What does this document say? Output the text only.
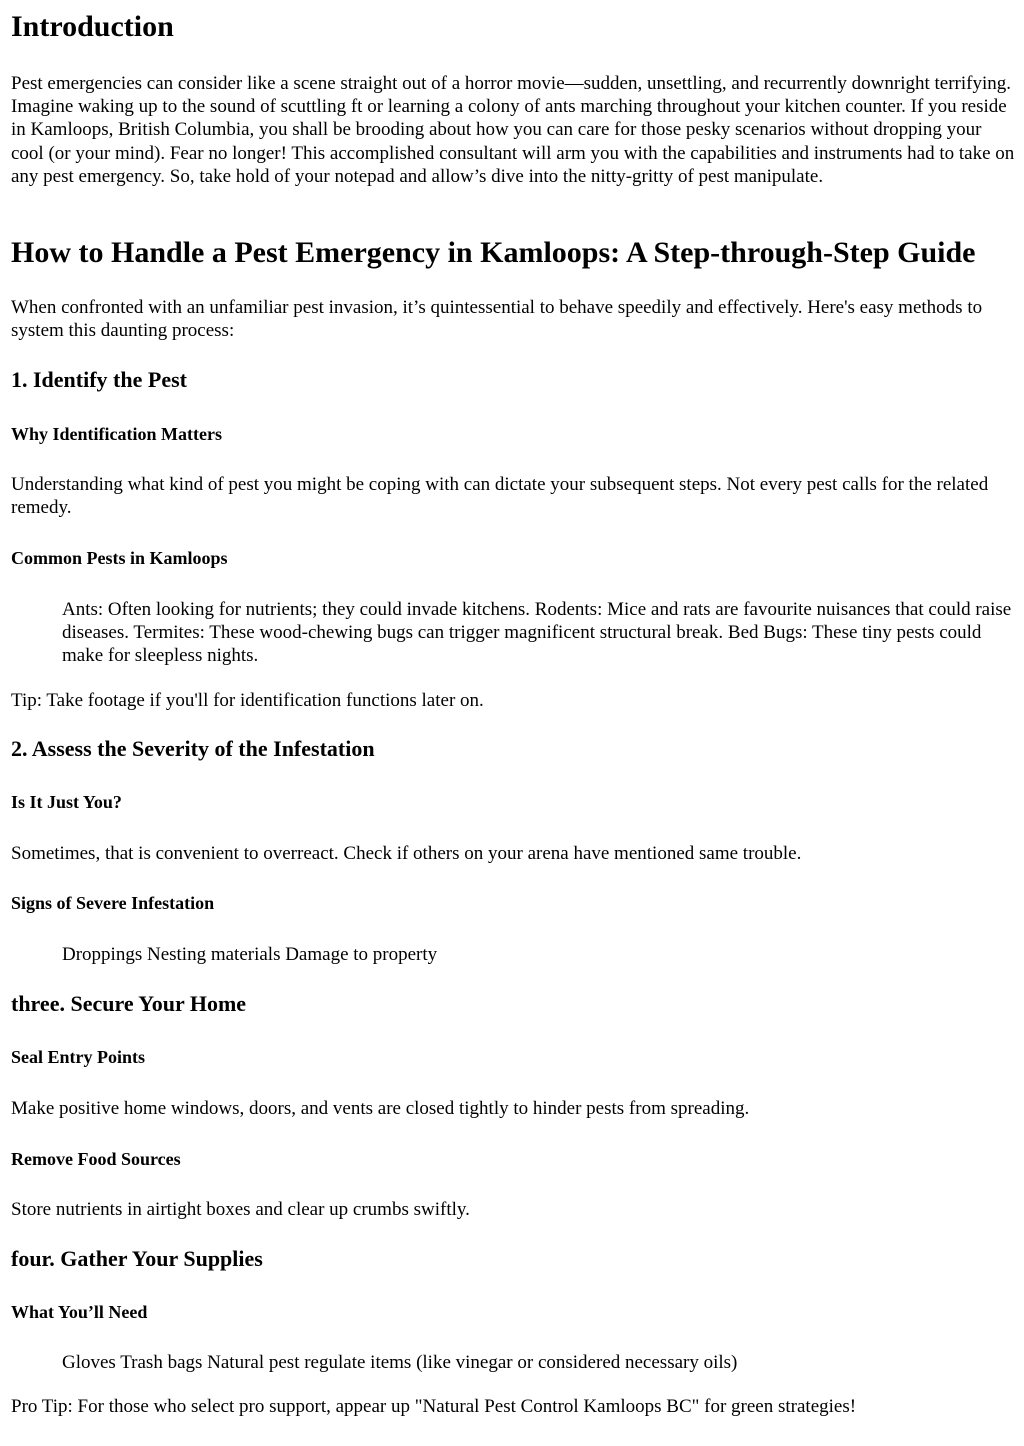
Introduction

Pest emergencies can consider like a scene straight out of a horror movie—sudden, unsettling, and recurrently downright terrifying. Imagine waking up to the sound of scuttling ft or learning a colony of ants marching throughout your kitchen counter. If you reside in Kamloops, British Columbia, you shall be brooding about how you can care for those pesky scenarios without dropping your cool (or your mind). Fear no longer! This accomplished consultant will arm you with the capabilities and instruments had to take on any pest emergency. So, take hold of your notepad and allow’s dive into the nitty-gritty of pest manipulate.

How to Handle a Pest Emergency in Kamloops: A Step-through-Step Guide

When confronted with an unfamiliar pest invasion, it’s quintessential to behave speedily and effectively. Here's easy methods to system this daunting process:

1. Identify the Pest
Why Identification Matters

Understanding what kind of pest you might be coping with can dictate your subsequent steps. Not every pest calls for the related remedy.

Common Pests in Kamloops

Ants: Often looking for nutrients; they could invade kitchens. Rodents: Mice and rats are favourite nuisances that could raise diseases. Termites: These wood-chewing bugs can trigger magnificent structural break. Bed Bugs: These tiny pests could make for sleepless nights.

Tip: Take footage if you'll for identification functions later on.

2. Assess the Severity of the Infestation
Is It Just You?

Sometimes, that is convenient to overreact. Check if others on your arena have mentioned same trouble.

Signs of Severe Infestation

Droppings Nesting materials Damage to property

three. Secure Your Home
Seal Entry Points

Make positive home windows, doors, and vents are closed tightly to hinder pests from spreading.

Remove Food Sources

Store nutrients in airtight boxes and clear up crumbs swiftly.

four. Gather Your Supplies
What You’ll Need

Gloves Trash bags Natural pest regulate items (like vinegar or considered necessary oils)

Pro Tip: For those who select pro support, appear up "Natural Pest Control Kamloops BC" for green strategies!
